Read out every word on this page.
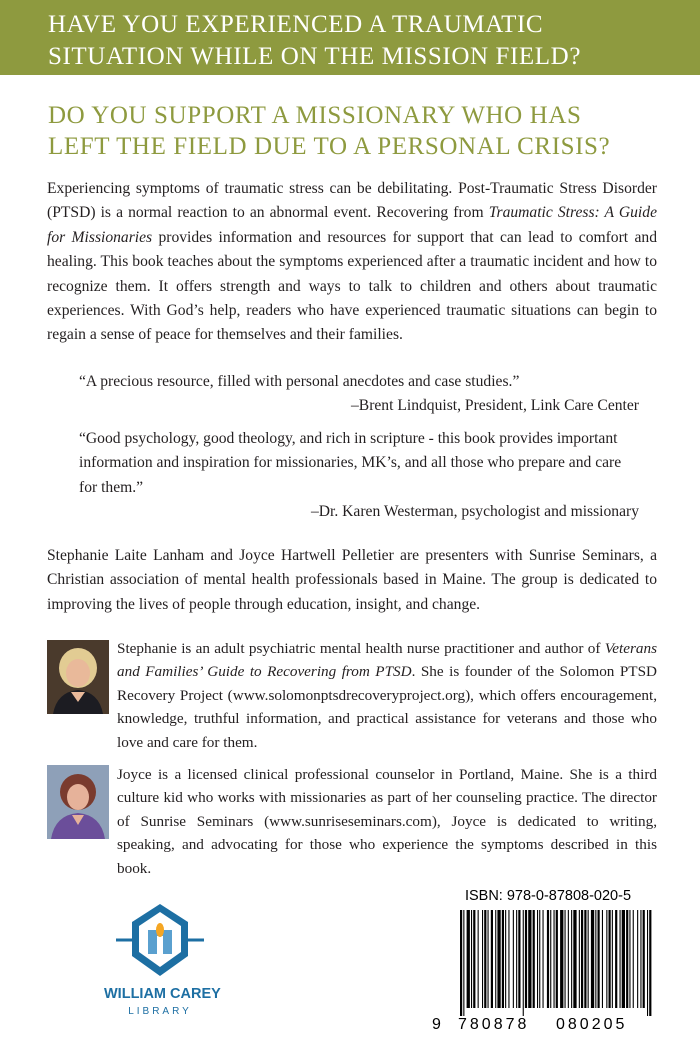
HAVE YOU EXPERIENCED A TRAUMATIC
SITUATION WHILE ON THE MISSION FIELD?
DO YOU SUPPORT A MISSIONARY WHO HAS
LEFT THE FIELD DUE TO A PERSONAL CRISIS?

Experiencing symptoms of traumatic stress can be debilitating. Post-Traumatic Stress Disorder (PTSD) is a normal reaction to an abnormal event. Recovering from Traumatic Stress: A Guide for Missionaries provides information and resources for support that can lead to comfort and healing. This book teaches about the symptoms experienced after a traumatic incident and how to recognize them. It offers strength and ways to talk to children and others about traumatic experiences. With God’s help, readers who have experienced traumatic situations can begin to regain a sense of peace for themselves and their families.

“A precious resource, filled with personal anecdotes and case studies.”
–Brent Lindquist, President, Link Care Center
“Good psychology, good theology, and rich in scripture - this book provides important information and inspiration for missionaries, MK’s, and all those who prepare and care for them.”
–Dr. Karen Westerman, psychologist and missionary

Stephanie Laite Lanham and Joyce Hartwell Pelletier are presenters with Sunrise Seminars, a Christian association of mental health professionals based in Maine. The group is dedicated to improving the lives of people through education, insight, and change.

Stephanie is an adult psychiatric mental health nurse practitioner and author of Veterans and Families’ Guide to Recovering from PTSD. She is founder of the Solomon PTSD Recovery Project (www.solomonptsdrecoveryproject.org), which offers encouragement, knowledge, truthful information, and practical assistance for veterans and those who love and care for them.

Joyce is a licensed clinical professional counselor in Portland, Maine. She is a third culture kid who works with missionaries as part of her counseling practice. The director of Sunrise Seminars (www.sunriseseminars.com), Joyce is dedicated to writing, speaking, and advocating for those who experience the symptoms described in this book.

WILLIAM CAREY
LIBRARY
ISBN: 978-0-87808-020-5
9 780878 080205
